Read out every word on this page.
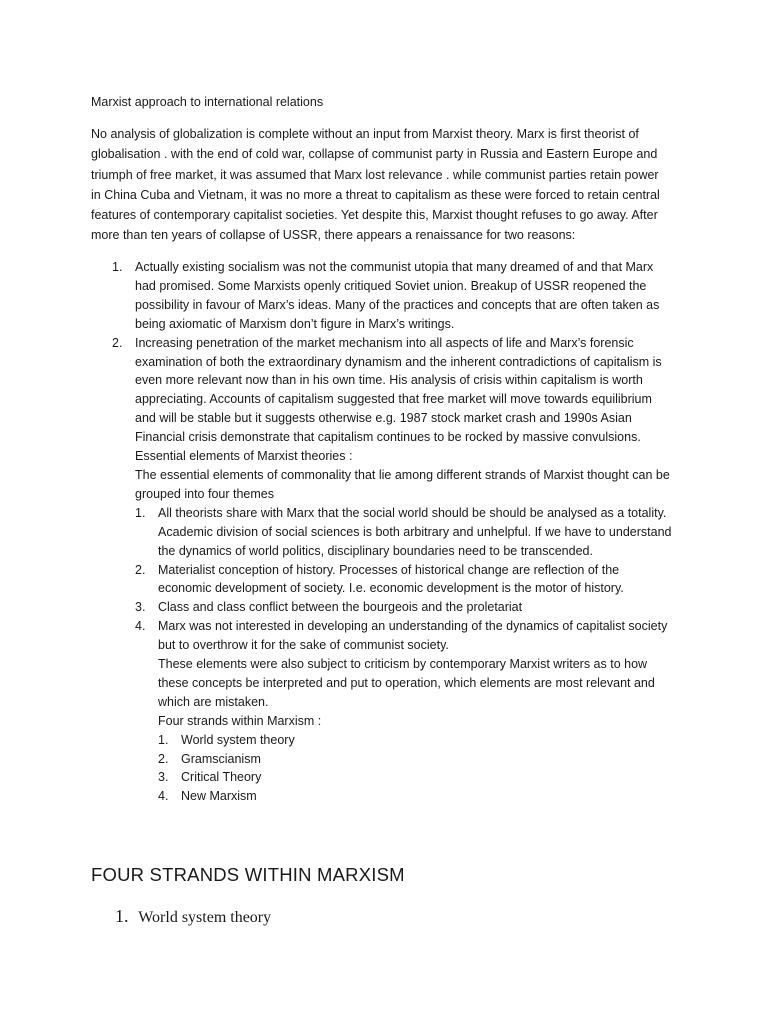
Marxist approach to international relations
No analysis of globalization is complete without an input from Marxist theory. Marx is first theorist of globalisation . with the end of cold war, collapse of communist party in Russia and Eastern Europe and triumph of free market, it was assumed that Marx lost relevance . while communist parties retain power in China Cuba and Vietnam, it was no more a threat to capitalism as these were forced to retain central features of contemporary capitalist societies. Yet despite this, Marxist thought refuses to go away. After more than ten years of collapse of USSR, there appears a renaissance for two reasons:
1. Actually existing socialism was not the communist utopia that many dreamed of and that Marx had promised. Some Marxists openly critiqued Soviet union. Breakup of USSR reopened the possibility in favour of Marx’s ideas. Many of the practices and concepts that are often taken as being axiomatic of Marxism don’t figure in Marx’s writings.
2. Increasing penetration of the market mechanism into all aspects of life and Marx’s forensic examination of both the extraordinary dynamism and the inherent contradictions of capitalism is even more relevant now than in his own time. His analysis of crisis within capitalism is worth appreciating. Accounts of capitalism suggested that free market will move towards equilibrium and will be stable but it suggests otherwise e.g. 1987 stock market crash and 1990s Asian Financial crisis demonstrate that capitalism continues to be rocked by massive convulsions.
Essential elements of Marxist theories :
The essential elements of commonality that lie among different strands of Marxist thought can be grouped into four themes
1. All theorists share with Marx that the social world should be should be analysed as a totality. Academic division of social sciences is both arbitrary and unhelpful. If we have to understand the dynamics of world politics, disciplinary boundaries need to be transcended.
2. Materialist conception of history. Processes of historical change are reflection of the economic development of society. I.e. economic development is the motor of history.
3. Class and class conflict between the bourgeois and the proletariat
4. Marx was not interested in developing an understanding of the dynamics of capitalist society but to overthrow it for the sake of communist society.
These elements were also subject to criticism by contemporary Marxist writers as to how these concepts be interpreted and put to operation, which elements are most relevant and which are mistaken.
Four strands within Marxism :
1. World system theory
2. Gramscianism
3. Critical Theory
4. New Marxism
FOUR STRANDS WITHIN MARXISM
1. World system theory
